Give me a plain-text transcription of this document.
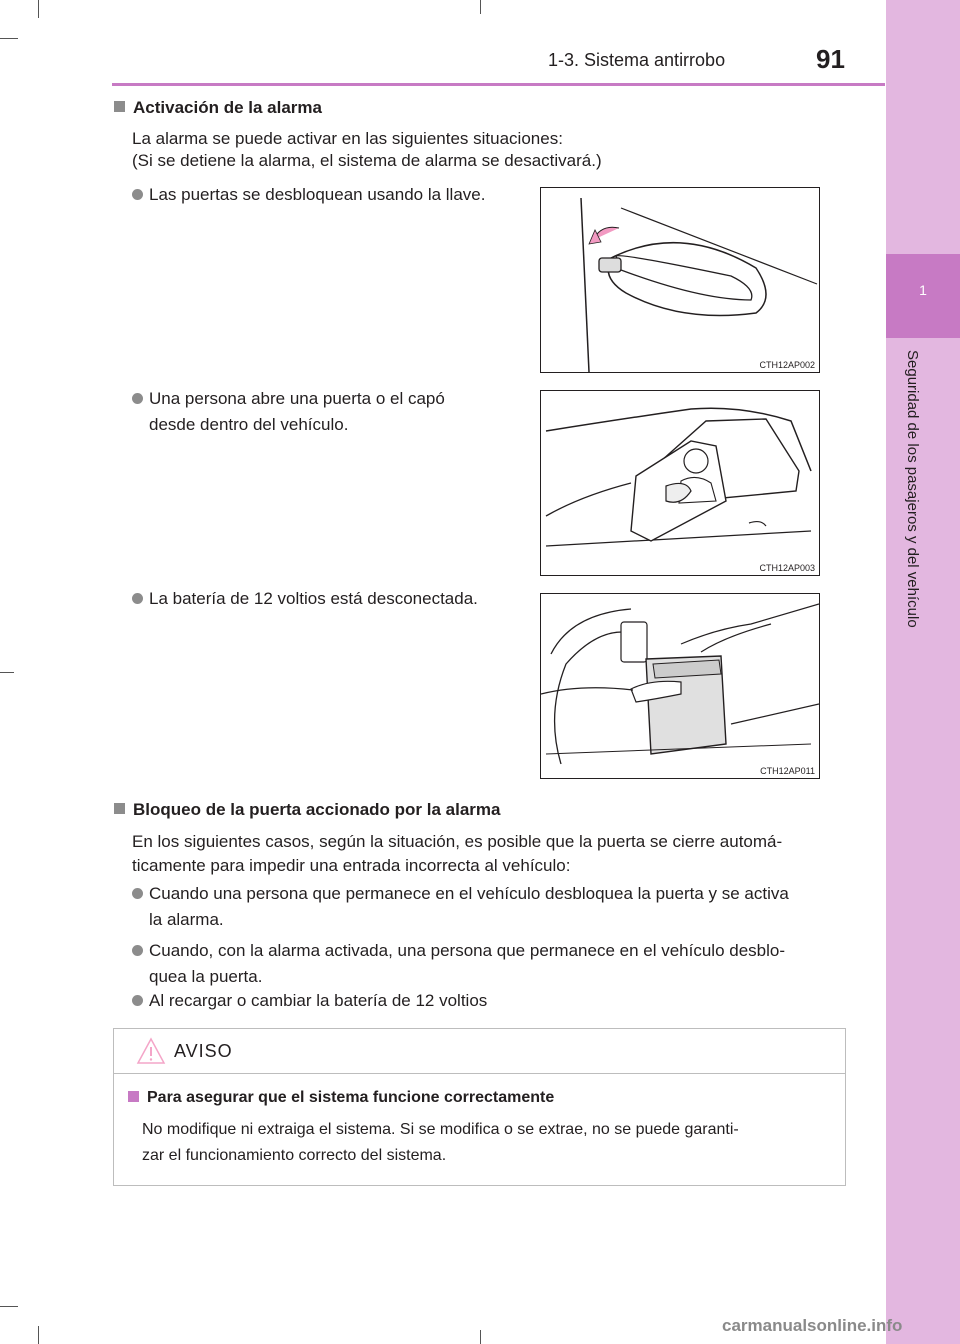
1
Seguridad de los pasajeros y del vehículo
1-3. Sistema antirrobo	91
Activación de la alarma
La alarma se puede activar en las siguientes situaciones:
(Si se detiene la alarma, el sistema de alarma se desactivará.)
Las puertas se desbloquean usando la llave.
Una persona abre una puerta o el capó
desde dentro del vehículo.
La batería de 12 voltios está desconectada.
CTH12AP002
CTH12AP003
CTH12AP011
Bloqueo de la puerta accionado por la alarma
En los siguientes casos, según la situación, es posible que la puerta se cierre automá-
ticamente para impedir una entrada incorrecta al vehículo:
Cuando una persona que permanece en el vehículo desbloquea la puerta y se activa
la alarma.
Cuando, con la alarma activada, una persona que permanece en el vehículo desblo-
quea la puerta.
Al recargar o cambiar la batería de 12 voltios
AVISO
Para asegurar que el sistema funcione correctamente
No modifique ni extraiga el sistema. Si se modifica o se extrae, no se puede garanti-
zar el funcionamiento correcto del sistema.
carmanualsonline.info
